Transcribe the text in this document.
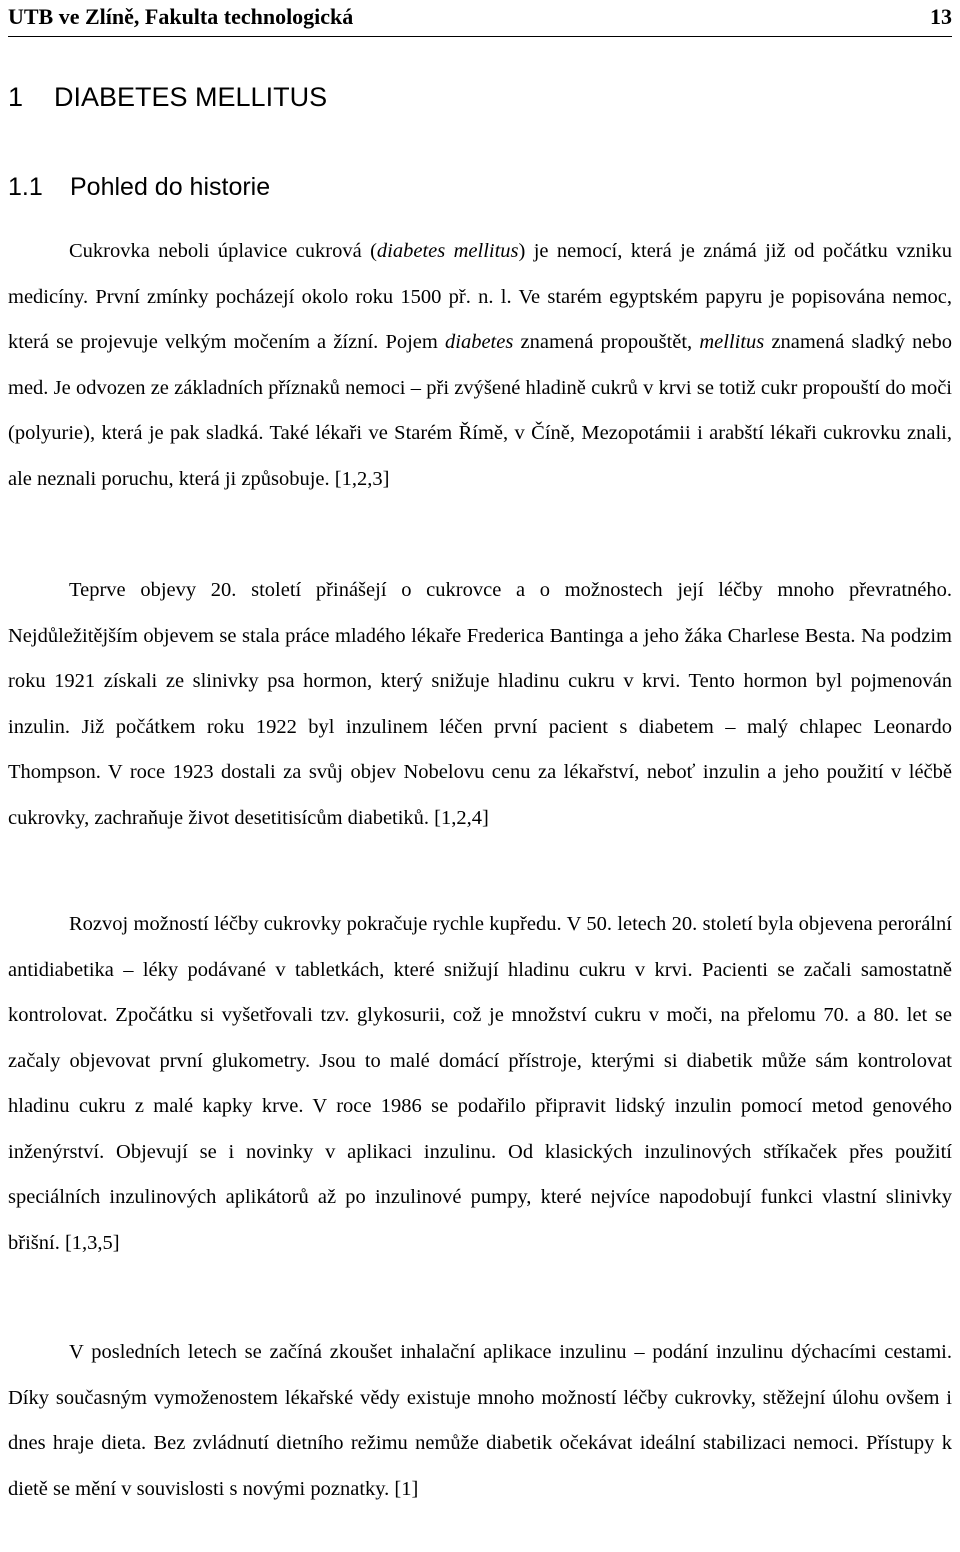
UTB ve Zlíně, Fakulta technologická	13
1 DIABETES MELLITUS
1.1 Pohled do historie

Cukrovka neboli úplavice cukrová (diabetes mellitus) je nemocí, která je známá již od počátku vzniku medicíny. První zmínky pocházejí okolo roku 1500 př. n. l. Ve starém egyptském papyru je popisována nemoc, která se projevuje velkým močením a žízní. Pojem diabetes znamená propouštět, mellitus znamená sladký nebo med. Je odvozen ze základních příznaků nemoci – při zvýšené hladině cukrů v krvi se totiž cukr propouští do moči (polyurie), která je pak sladká. Také lékaři ve Starém Římě, v Číně, Mezopotámii i arabští lékaři cukrovku znali, ale neznali poruchu, která ji způsobuje. [1,2,3]

Teprve objevy 20. století přinášejí o cukrovce a o možnostech její léčby mnoho převratného. Nejdůležitějším objevem se stala práce mladého lékaře Frederica Bantinga a jeho žáka Charlese Besta. Na podzim roku 1921 získali ze slinivky psa hormon, který snižuje hladinu cukru v krvi. Tento hormon byl pojmenován inzulin. Již počátkem roku 1922 byl inzulinem léčen první pacient s diabetem – malý chlapec Leonardo Thompson. V roce 1923 dostali za svůj objev Nobelovu cenu za lékařství, neboť inzulin a jeho použití v léčbě cukrovky, zachraňuje život desetitisícům diabetiků. [1,2,4]

Rozvoj možností léčby cukrovky pokračuje rychle kupředu. V 50. letech 20. století byla objevena perorální antidiabetika – léky podávané v tabletkách, které snižují hladinu cukru v krvi. Pacienti se začali samostatně kontrolovat. Zpočátku si vyšetřovali tzv. glykosurii, což je množství cukru v moči, na přelomu 70. a 80. let se začaly objevovat první glukometry. Jsou to malé domácí přístroje, kterými si diabetik může sám kontrolovat hladinu cukru z malé kapky krve. V roce 1986 se podařilo připravit lidský inzulin pomocí metod genového inženýrství. Objevují se i novinky v aplikaci inzulinu. Od klasických inzulinových stříkaček přes použití speciálních inzulinových aplikátorů až po inzulinové pumpy, které nejvíce napodobují funkci vlastní slinivky břišní. [1,3,5]

V posledních letech se začíná zkoušet inhalační aplikace inzulinu – podání inzulinu dýchacími cestami. Díky současným vymoženostem lékařské vědy existuje mnoho možností léčby cukrovky, stěžejní úlohu ovšem i dnes hraje dieta. Bez zvládnutí dietního režimu nemůže diabetik očekávat ideální stabilizaci nemoci. Přístupy k dietě se mění v souvislosti s novými poznatky. [1]
